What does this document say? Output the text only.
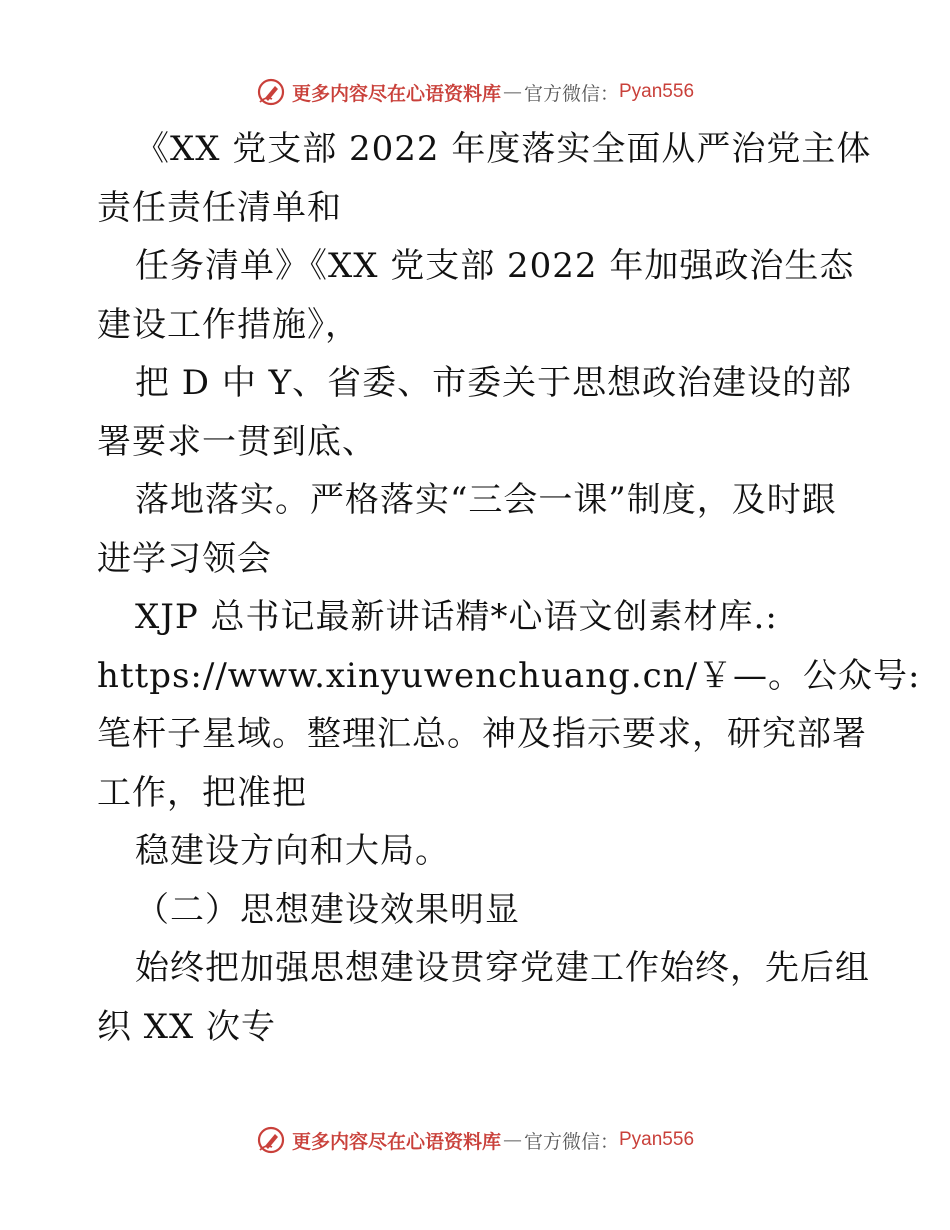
更多内容尽在心语资料库 — 官方微信： Pyan556
《XX 党支部 2022 年度落实全面从严治党主体
责任责任清单和
任务清单》《XX 党支部 2022 年加强政治生态
建设工作措施》，
把 D 中 Y、省委、市委关于思想政治建设的部
署要求一贯到底、
落地落实。严格落实“三会一课”制度，及时跟
进学习领会
XJP 总书记最新讲话精*心语文创素材库.:
https://www.xinyuwenchuang.cn/￥—。公众号:
笔杆子星域。整理汇总。神及指示要求，研究部署
工作，把准把
稳建设方向和大局。
（二）思想建设效果明显
始终把加强思想建设贯穿党建工作始终，先后组
织 XX 次专
更多内容尽在心语资料库 — 官方微信： Pyan556
